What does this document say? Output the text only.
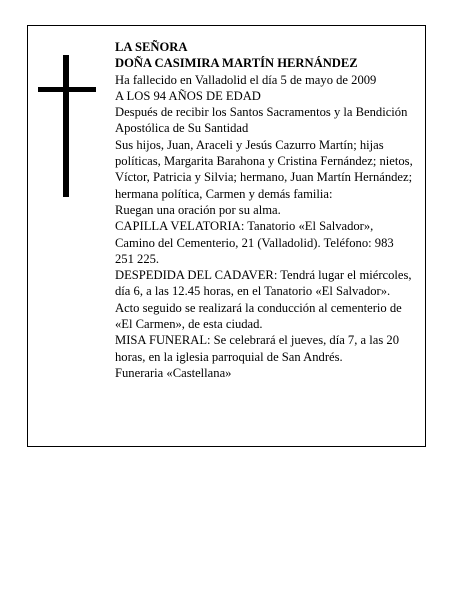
LA SEÑORA

DOÑA CASIMIRA MARTÍN HERNÁNDEZ

Ha fallecido en Valladolid el día 5 de mayo de 2009

A LOS 94 AÑOS DE EDAD

Después de recibir los Santos Sacramentos y la Bendición Apostólica de Su Santidad

Sus hijos, Juan, Araceli y Jesús Cazurro Martín; hijas políticas, Margarita Barahona y Cristina Fernández; nietos, Víctor, Patricia y Silvia; hermano, Juan Martín Hernández; hermana política, Carmen y demás familia:

Ruegan una oración por su alma.

CAPILLA VELATORIA: Tanatorio «El Salvador», Camino del Cementerio, 21 (Valladolid). Teléfono: 983 251 225.

DESPEDIDA DEL CADAVER: Tendrá lugar el miércoles, día 6, a las 12.45 horas, en el Tanatorio «El Salvador». Acto seguido se realizará la conducción al cementerio de «El Carmen», de esta ciudad.

MISA FUNERAL: Se celebrará el jueves, día 7, a las 20 horas, en la iglesia parroquial de San Andrés.

Funeraria «Castellana»
